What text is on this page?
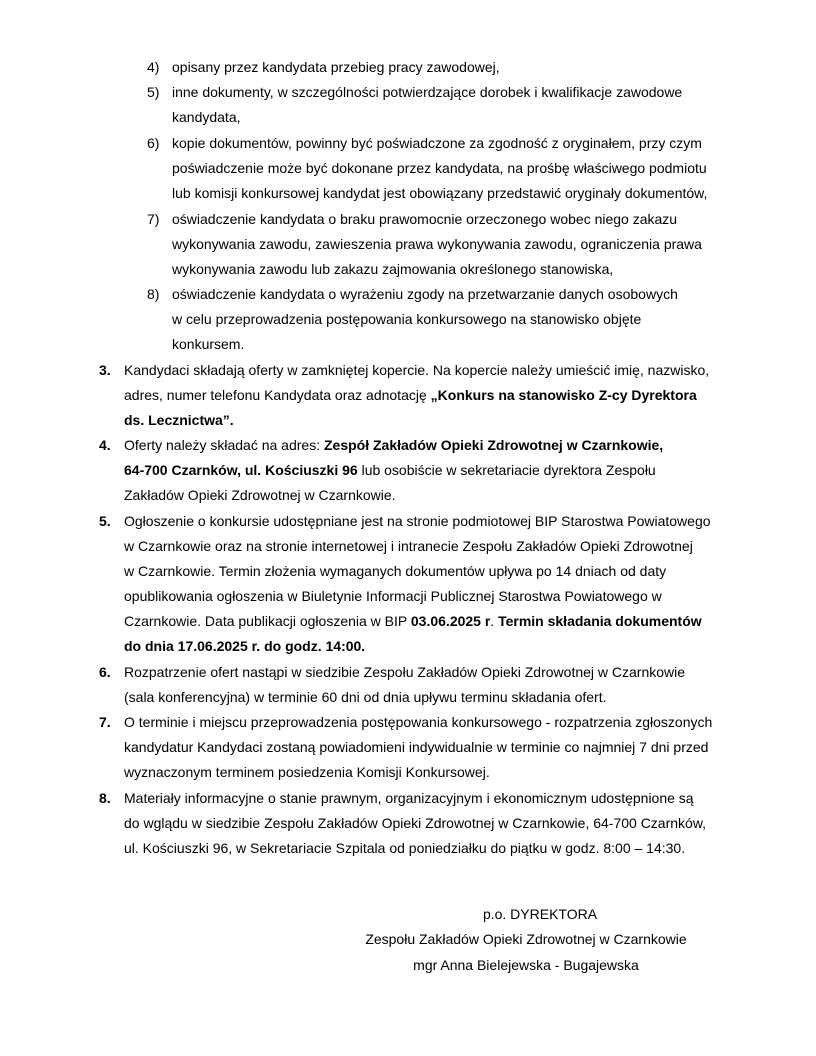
4) opisany przez kandydata przebieg pracy zawodowej,
5) inne dokumenty, w szczególności potwierdzające dorobek i kwalifikacje zawodowe
kandydata,
6) kopie dokumentów, powinny być poświadczone za zgodność z oryginałem, przy czym
poświadczenie może być dokonane przez kandydata, na prośbę właściwego podmiotu
lub komisji konkursowej kandydat jest obowiązany przedstawić oryginały dokumentów,
7) oświadczenie kandydata o braku prawomocnie orzeczonego wobec niego zakazu
wykonywania zawodu, zawieszenia prawa wykonywania zawodu, ograniczenia prawa
wykonywania zawodu lub zakazu zajmowania określonego stanowiska,
8) oświadczenie kandydata o wyrażeniu zgody na przetwarzanie danych osobowych
w celu przeprowadzenia postępowania konkursowego na stanowisko objęte
konkursem.
3. Kandydaci składają oferty w zamkniętej kopercie. Na kopercie należy umieścić imię, nazwisko,
adres, numer telefonu Kandydata oraz adnotację „Konkurs na stanowisko Z-cy Dyrektora
ds. Lecznictwa”.
4. Oferty należy składać na adres: Zespół Zakładów Opieki Zdrowotnej w Czarnkowie,
64-700 Czarnków, ul. Kościuszki 96 lub osobiście w sekretariacie dyrektora Zespołu
Zakładów Opieki Zdrowotnej w Czarnkowie.
5. Ogłoszenie o konkursie udostępniane jest na stronie podmiotowej BIP Starostwa Powiatowego
w Czarnkowie oraz na stronie internetowej i intranecie Zespołu Zakładów Opieki Zdrowotnej
w Czarnkowie. Termin złożenia wymaganych dokumentów upływa po 14 dniach od daty
opublikowania ogłoszenia w Biuletynie Informacji Publicznej Starostwa Powiatowego w
Czarnkowie. Data publikacji ogłoszenia w BIP 03.06.2025 r. Termin składania dokumentów
do dnia 17.06.2025 r. do godz. 14:00.
6. Rozpatrzenie ofert nastąpi w siedzibie Zespołu Zakładów Opieki Zdrowotnej w Czarnkowie
(sala konferencyjna) w terminie 60 dni od dnia upływu terminu składania ofert.
7. O terminie i miejscu przeprowadzenia postępowania konkursowego - rozpatrzenia zgłoszonych
kandydatur Kandydaci zostaną powiadomieni indywidualnie w terminie co najmniej 7 dni przed
wyznaczonym terminem posiedzenia Komisji Konkursowej.
8. Materiały informacyjne o stanie prawnym, organizacyjnym i ekonomicznym udostępnione są
do wglądu w siedzibie Zespołu Zakładów Opieki Zdrowotnej w Czarnkowie, 64-700 Czarnków,
ul. Kościuszki 96, w Sekretariacie Szpitala od poniedziałku do piątku w godz. 8:00 – 14:30.
p.o. DYREKTORA
Zespołu Zakładów Opieki Zdrowotnej w Czarnkowie
mgr Anna Bielejewska - Bugajewska
